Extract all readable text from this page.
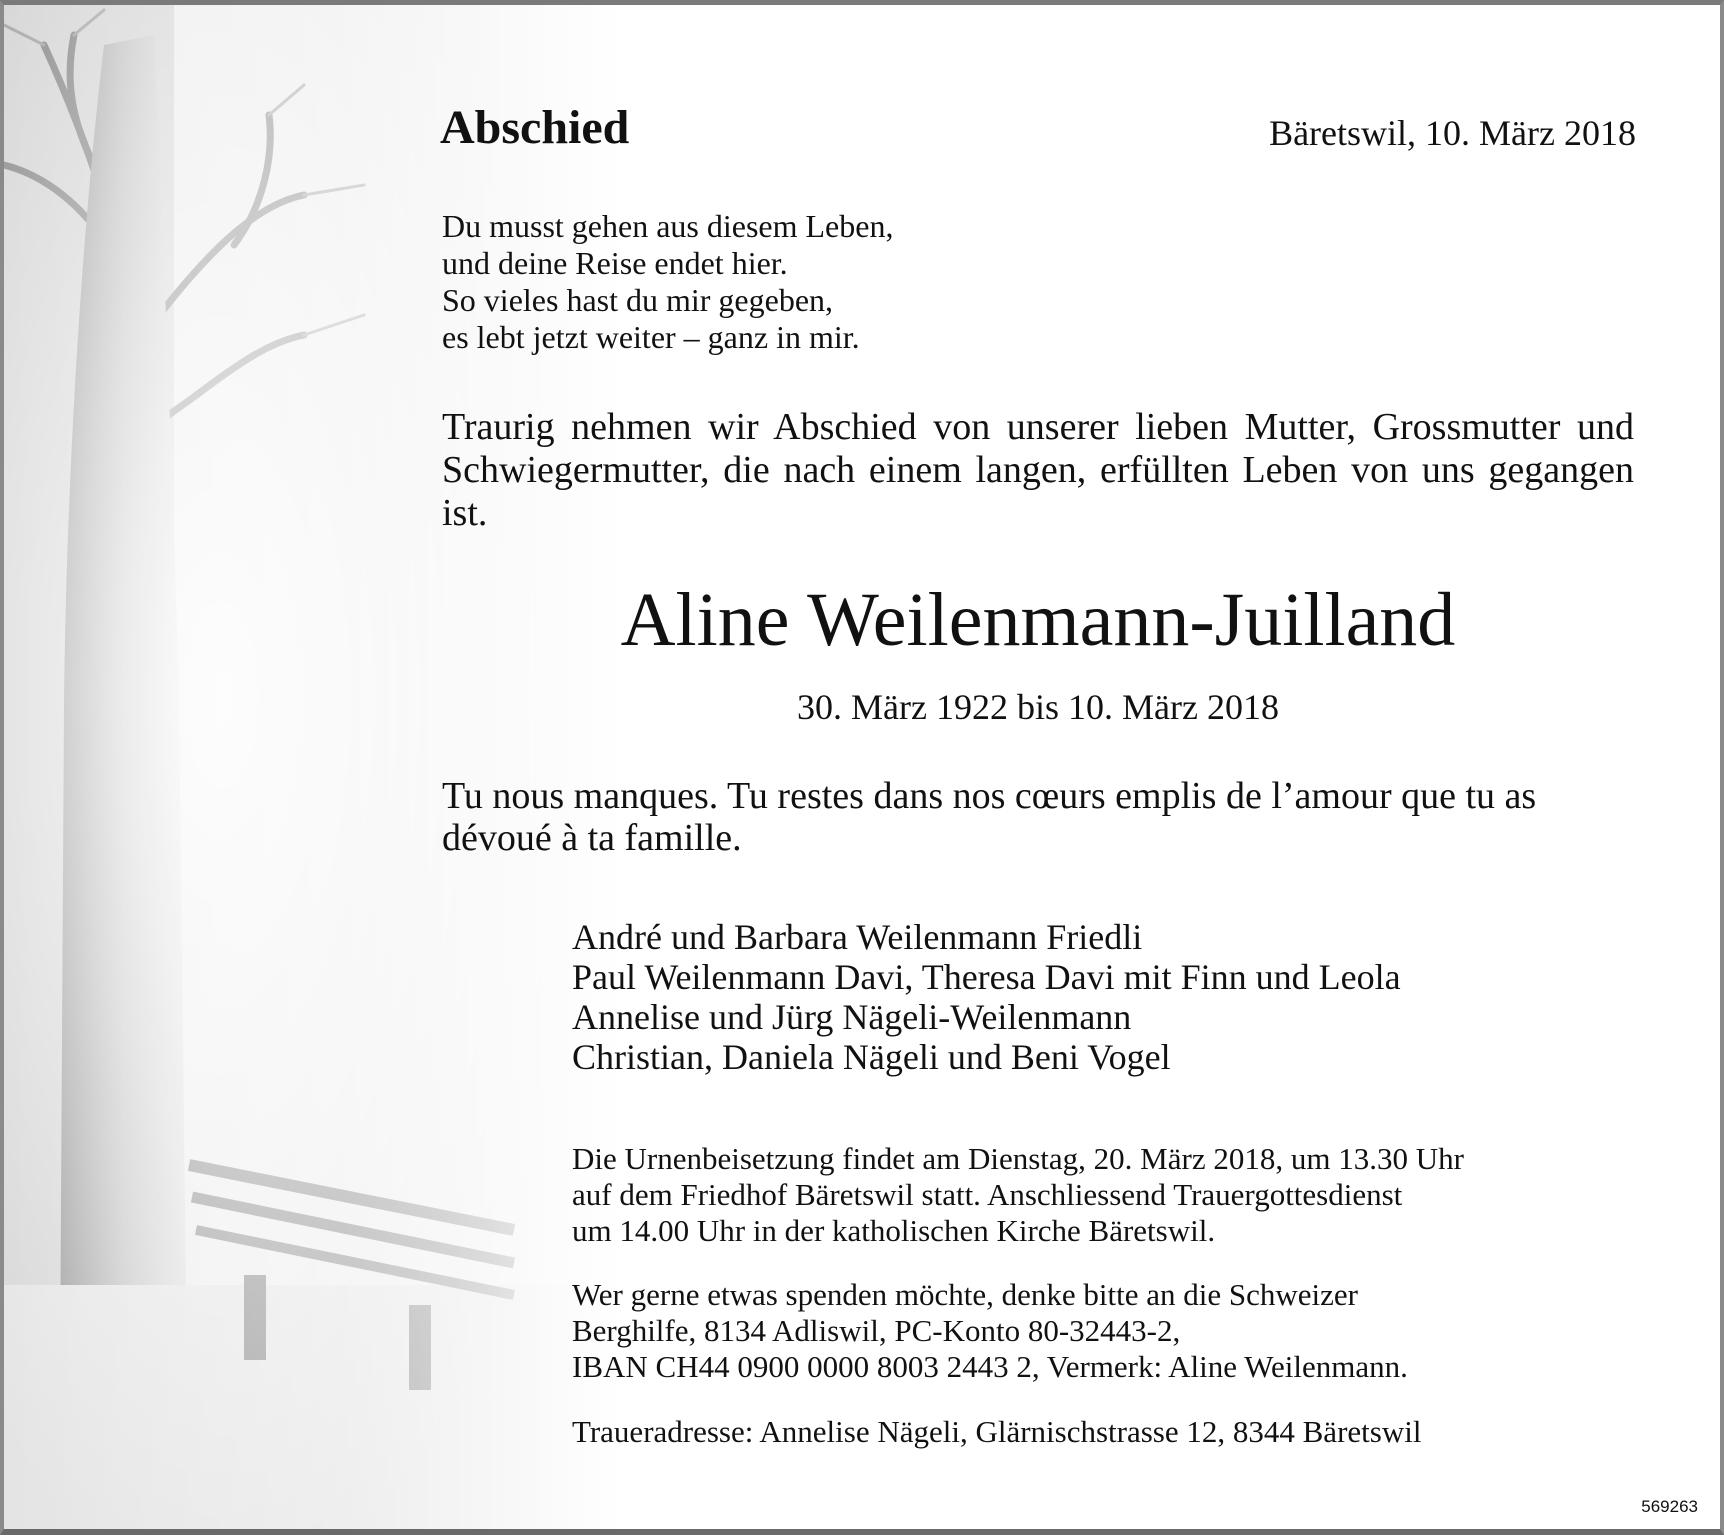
Abschied	Bäretswil, 10. März 2018
Du musst gehen aus diesem Leben,
und deine Reise endet hier.
So vieles hast du mir gegeben,
es lebt jetzt weiter – ganz in mir.

Traurig nehmen wir Abschied von unserer lieben Mutter, Grossmutter und Schwiegermutter, die nach einem langen, erfüllten Leben von uns gegangen ist.

Aline Weilenmann-Juilland
30. März 1922 bis 10. März 2018

Tu nous manques. Tu restes dans nos cœurs emplis de l’amour que tu as dévoué à ta famille.

André und Barbara Weilenmann Friedli
Paul Weilenmann Davi, Theresa Davi mit Finn und Leola
Annelise und Jürg Nägeli-Weilenmann
Christian, Daniela Nägeli und Beni Vogel
Die Urnenbeisetzung findet am Dienstag, 20. März 2018, um 13.30 Uhr
auf dem Friedhof Bäretswil statt. Anschliessend Trauergottesdienst
um 14.00 Uhr in der katholischen Kirche Bäretswil.
Wer gerne etwas spenden möchte, denke bitte an die Schweizer
Berghilfe, 8134 Adliswil, PC-Konto 80-32443-2,
IBAN CH44 0900 0000 8003 2443 2, Vermerk: Aline Weilenmann.
Traueradresse: Annelise Nägeli, Glärnischstrasse 12, 8344 Bäretswil
569263
